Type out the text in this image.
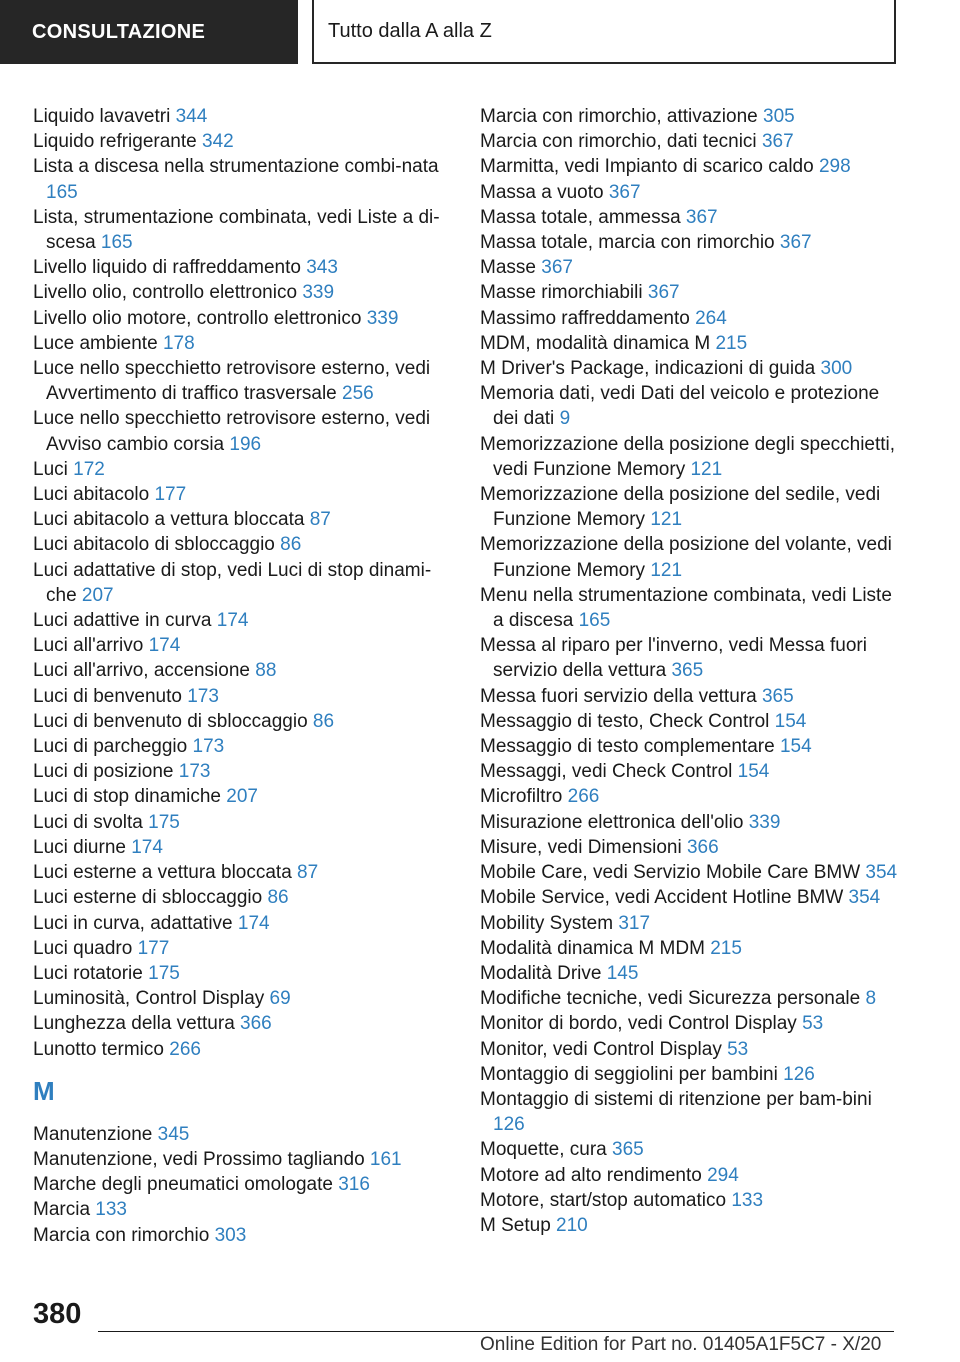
CONSULTAZIONE	Tutto dalla A alla Z
Liquido lavavetri 344
Liquido refrigerante 342
Lista a discesa nella strumentazione combi-nata 165
Lista, strumentazione combinata, vedi Liste a di-scesa 165
Livello liquido di raffreddamento 343
Livello olio, controllo elettronico 339
Livello olio motore, controllo elettronico 339
Luce ambiente 178
Luce nello specchietto retrovisore esterno, vedi Avvertimento di traffico trasversale 256
Luce nello specchietto retrovisore esterno, vedi Avviso cambio corsia 196
Luci 172
Luci abitacolo 177
Luci abitacolo a vettura bloccata 87
Luci abitacolo di sbloccaggio 86
Luci adattative di stop, vedi Luci di stop dinami-che 207
Luci adattive in curva 174
Luci all'arrivo 174
Luci all'arrivo, accensione 88
Luci di benvenuto 173
Luci di benvenuto di sbloccaggio 86
Luci di parcheggio 173
Luci di posizione 173
Luci di stop dinamiche 207
Luci di svolta 175
Luci diurne 174
Luci esterne a vettura bloccata 87
Luci esterne di sbloccaggio 86
Luci in curva, adattative 174
Luci quadro 177
Luci rotatorie 175
Luminosità, Control Display 69
Lunghezza della vettura 366
Lunotto termico 266
M
Manutenzione 345
Manutenzione, vedi Prossimo tagliando 161
Marche degli pneumatici omologate 316
Marcia 133
Marcia con rimorchio 303
Marcia con rimorchio, attivazione 305
Marcia con rimorchio, dati tecnici 367
Marmitta, vedi Impianto di scarico caldo 298
Massa a vuoto 367
Massa totale, ammessa 367
Massa totale, marcia con rimorchio 367
Masse 367
Masse rimorchiabili 367
Massimo raffreddamento 264
MDM, modalità dinamica M 215
M Driver's Package, indicazioni di guida 300
Memoria dati, vedi Dati del veicolo e protezione dei dati 9
Memorizzazione della posizione degli specchietti, vedi Funzione Memory 121
Memorizzazione della posizione del sedile, vedi Funzione Memory 121
Memorizzazione della posizione del volante, vedi Funzione Memory 121
Menu nella strumentazione combinata, vedi Liste a discesa 165
Messa al riparo per l'inverno, vedi Messa fuori servizio della vettura 365
Messa fuori servizio della vettura 365
Messaggio di testo, Check Control 154
Messaggio di testo complementare 154
Messaggi, vedi Check Control 154
Microfiltro 266
Misurazione elettronica dell'olio 339
Misure, vedi Dimensioni 366
Mobile Care, vedi Servizio Mobile Care BMW 354
Mobile Service, vedi Accident Hotline BMW 354
Mobility System 317
Modalità dinamica M MDM 215
Modalità Drive 145
Modifiche tecniche, vedi Sicurezza personale 8
Monitor di bordo, vedi Control Display 53
Monitor, vedi Control Display 53
Montaggio di seggiolini per bambini 126
Montaggio di sistemi di ritenzione per bam-bini 126
Moquette, cura 365
Motore ad alto rendimento 294
Motore, start/stop automatico 133
M Setup 210
380
Online Edition for Part no. 01405A1F5C7 - X/20
